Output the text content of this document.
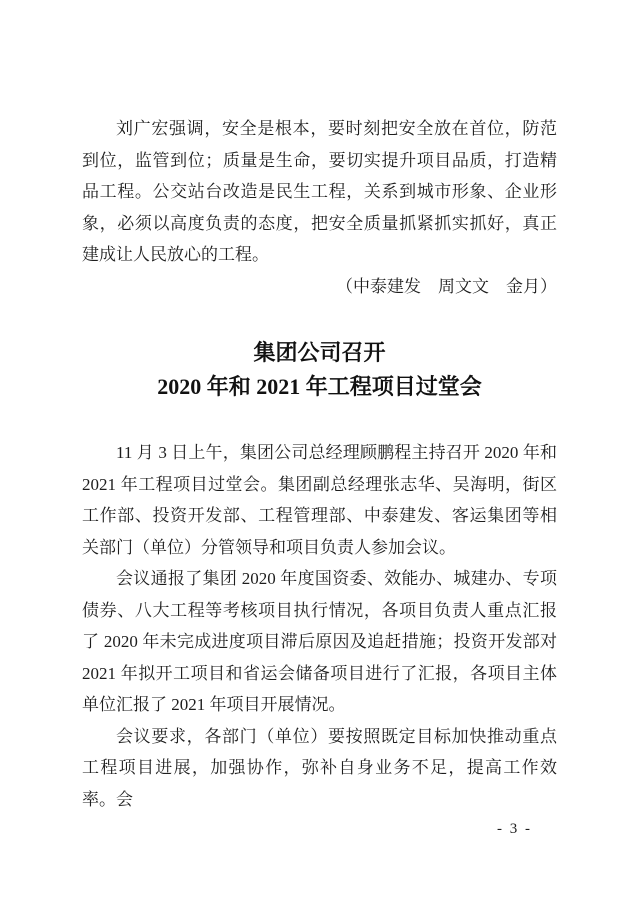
刘广宏强调，安全是根本，要时刻把安全放在首位，防范到位，监管到位；质量是生命，要切实提升项目品质，打造精品工程。公交站台改造是民生工程，关系到城市形象、企业形象，必须以高度负责的态度，把安全质量抓紧抓实抓好，真正建成让人民放心的工程。

（中泰建发　周文文　金月）

集团公司召开
2020 年和 2021 年工程项目过堂会

11 月 3 日上午，集团公司总经理顾鹏程主持召开 2020 年和 2021 年工程项目过堂会。集团副总经理张志华、吴海明，街区工作部、投资开发部、工程管理部、中泰建发、客运集团等相关部门（单位）分管领导和项目负责人参加会议。

会议通报了集团 2020 年度国资委、效能办、城建办、专项债券、八大工程等考核项目执行情况，各项目负责人重点汇报了 2020 年未完成进度项目滞后原因及追赶措施；投资开发部对 2021 年拟开工项目和省运会储备项目进行了汇报，各项目主体单位汇报了 2021 年项目开展情况。

会议要求，各部门（单位）要按照既定目标加快推动重点工程项目进展，加强协作，弥补自身业务不足，提高工作效率。会

- 3 -
